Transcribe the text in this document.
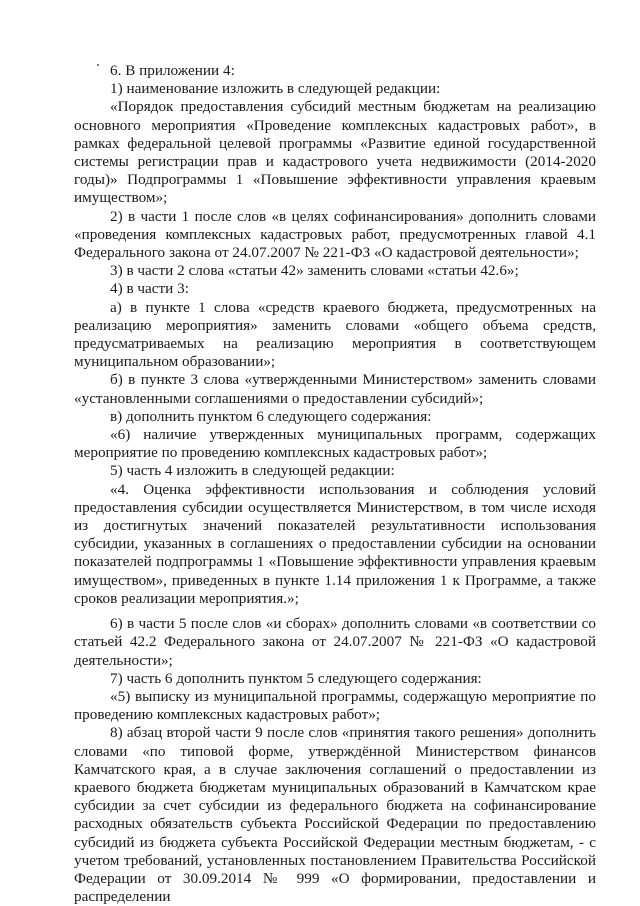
6. В приложении 4:

1) наименование изложить в следующей редакции:

«Порядок предоставления субсидий местным бюджетам на реализацию основного мероприятия «Проведение комплексных кадастровых работ», в рамках федеральной целевой программы «Развитие единой государственной системы регистрации прав и кадастрового учета недвижимости (2014-2020 годы)» Подпрограммы 1 «Повышение эффективности управления краевым имуществом»;

2) в части 1 после слов «в целях софинансирования» дополнить словами «проведения комплексных кадастровых работ, предусмотренных главой 4.1 Федерального закона от 24.07.2007 № 221-ФЗ «О кадастровой деятельности»;

3) в части 2 слова «статьи 42» заменить словами «статьи 42.6»;

4) в части 3:

а) в пункте 1 слова «средств краевого бюджета, предусмотренных на реализацию мероприятия» заменить словами «общего объема средств, предусматриваемых на реализацию мероприятия в соответствующем муниципальном образовании»;

б) в пункте 3 слова «утвержденными Министерством» заменить словами «установленными соглашениями о предоставлении субсидий»;

в) дополнить пунктом 6 следующего содержания:

«6) наличие утвержденных муниципальных программ, содержащих мероприятие по проведению комплексных кадастровых работ»;

5) часть 4 изложить в следующей редакции:

«4. Оценка эффективности использования и соблюдения условий предоставления субсидии осуществляется Министерством, в том числе исходя из достигнутых значений показателей результативности использования субсидии, указанных в соглашениях о предоставлении субсидии на основании показателей подпрограммы 1 «Повышение эффективности управления краевым имуществом», приведенных в пункте 1.14 приложения 1 к Программе, а также сроков реализации мероприятия.»;

6) в части 5 после слов «и сборах» дополнить словами «в соответствии со статьей 42.2 Федерального закона от 24.07.2007 № 221-ФЗ «О кадастровой деятельности»;

7) часть 6 дополнить пунктом 5 следующего содержания:

«5) выписку из муниципальной программы, содержащую мероприятие по проведению комплексных кадастровых работ»;

8) абзац второй части 9 после слов «принятия такого решения» дополнить словами «по типовой форме, утверждённой Министерством финансов Камчатского края, а в случае заключения соглашений о предоставлении из краевого бюджета бюджетам муниципальных образований в Камчатском крае субсидии за счет субсидии из федерального бюджета на софинансирование расходных обязательств субъекта Российской Федерации по предоставлению субсидий из бюджета субъекта Российской Федерации местным бюджетам, - с учетом требований, установленных постановлением Правительства Российской Федерации от 30.09.2014 № 999 «О формировании, предоставлении и распределении
